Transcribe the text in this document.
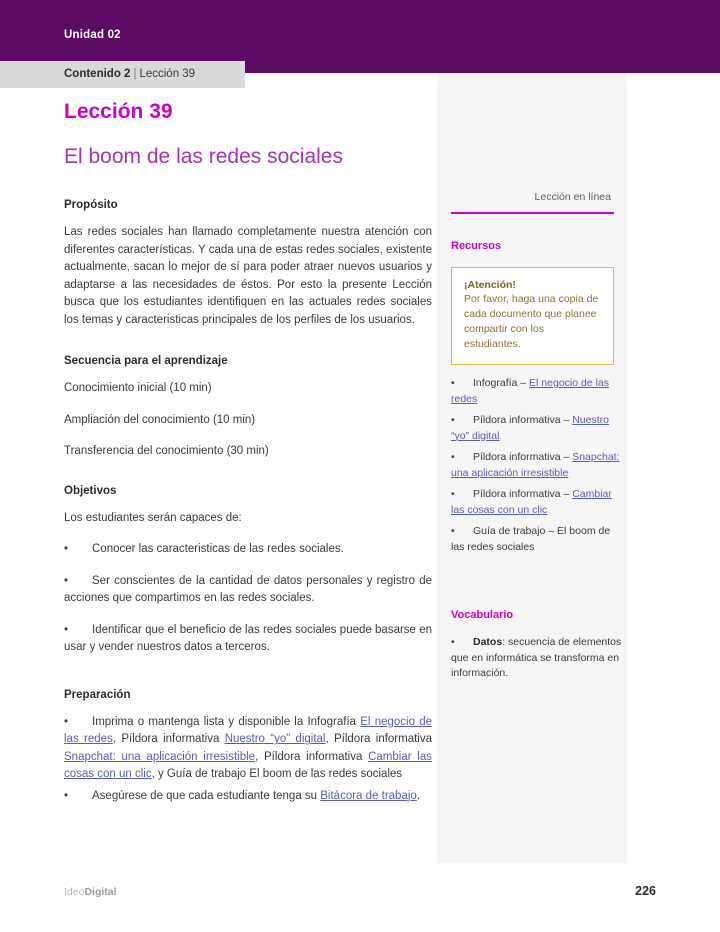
Unidad 02
Contenido 2 | Lección 39
Lección 39
El boom de las redes sociales
Propósito

Las redes sociales han llamado completamente nuestra atención con diferentes características. Y cada una de estas redes sociales, existente actualmente, sacan lo mejor de sí para poder atraer nuevos usuarios y adaptarse a las necesidades de éstos. Por esto la presente Lección busca que los estudiantes identifiquen en las actuales redes sociales los temas y caracteristicas principales de los perfiles de los usuarios.

Secuencia para el aprendizaje

Conocimiento inicial (10 min)

Ampliación del conocimiento (10 min)

Transferencia del conocimiento (30 min)

Objetivos

Los estudiantes serán capaces de:

• Conocer las caracteristicas de las redes sociales.

• Ser conscientes de la cantidad de datos personales y registro de acciones que compartimos en las redes sociales.

• Identificar que el beneficio de las redes sociales puede basarse en usar y vender nuestros datos a terceros.

Preparación

• Imprima o mantenga lista y disponible la Infografía El negocio de las redes, Píldora informativa Nuestro “yo” digital, Píldora informativa Snapchat: una aplicación irresistible, Píldora informativa Cambiar las cosas con un clic, y Guía de trabajo El boom de las redes sociales

• Asegúrese de que cada estudiante tenga su Bitácora de trabajo.

Lección en línea
Recursos
¡Atención!
Por favor, haga una copia de cada documento que planee compartir con los estudiantes.

• Infografía – El negocio de las redes

• Píldora informativa – Nuestro “yo” digital

• Píldora informativa – Snapchat: una aplicación irresistible

• Píldora informativa – Cambiar las cosas con un clic

• Guía de trabajo – El boom de las redes sociales

Vocabulario

• Datos: secuencia de elementos que en informática se transforma en información.

IdeoDigital	226
